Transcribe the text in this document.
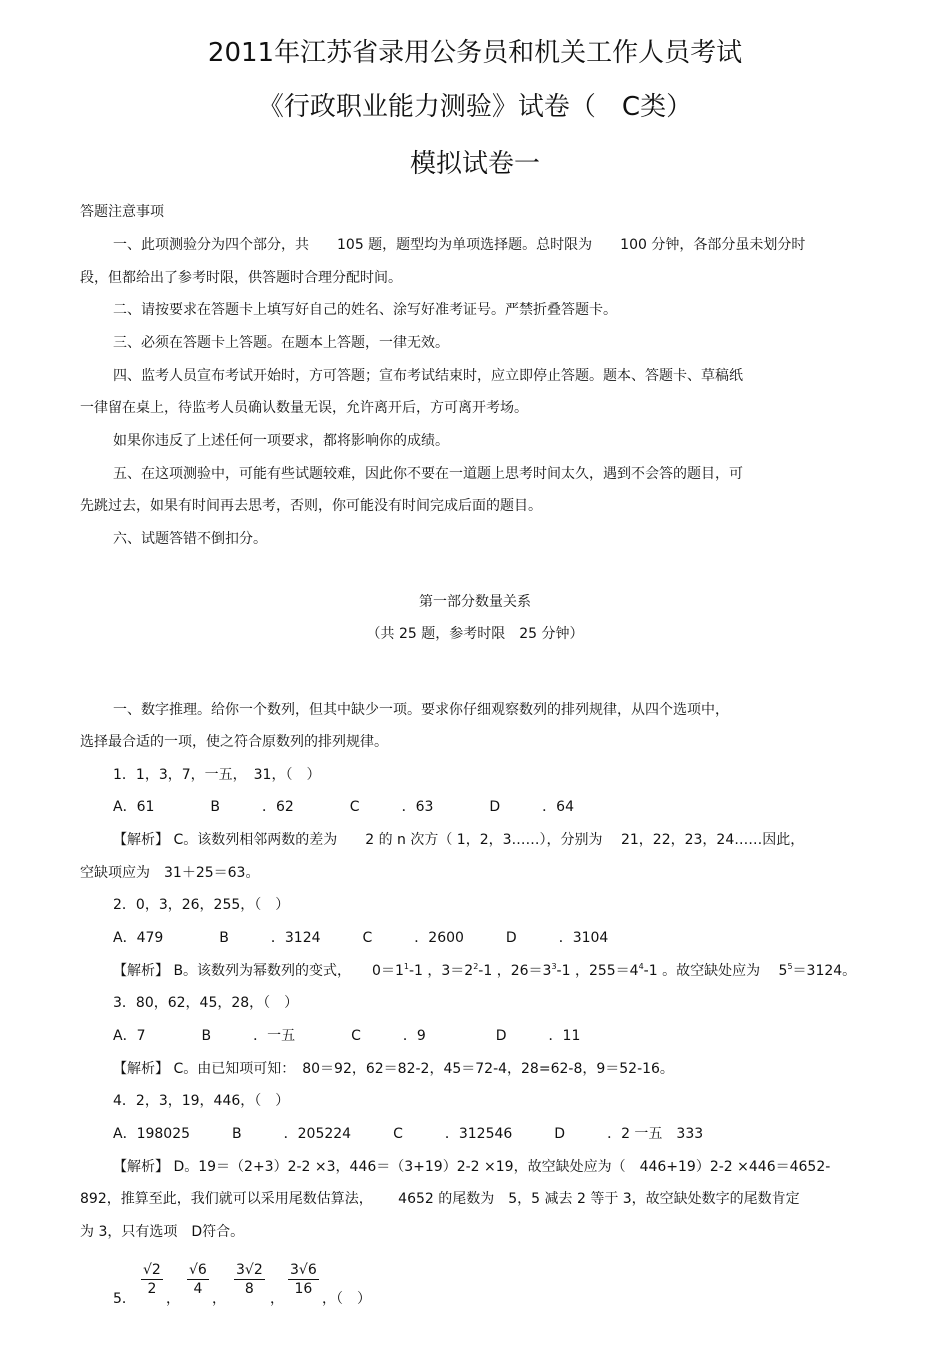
2011年江苏省录用公务员和机关工作人员考试
《行政职业能力测验》试卷（　C类）
模拟试卷一
答题注意事项
一、此项测验分为四个部分，共　　105 题，题型均为单项选择题。总时限为　　100 分钟，各部分虽未划分时
段，但都给出了参考时限，供答题时合理分配时间。
二、请按要求在答题卡上填写好自己的姓名、涂写好准考证号。严禁折叠答题卡。
三、必须在答题卡上答题。在题本上答题，一律无效。
四、监考人员宣布考试开始时，方可答题；宣布考试结束时，应立即停止答题。题本、答题卡、草稿纸
一律留在桌上，待监考人员确认数量无误，允许离开后，方可离开考场。
如果你违反了上述任何一项要求，都将影响你的成绩。
五、在这项测验中，可能有些试题较难，因此你不要在一道题上思考时间太久，遇到不会答的题目，可
先跳过去，如果有时间再去思考，否则，你可能没有时间完成后面的题目。
六、试题答错不倒扣分。
第一部分数量关系
（共 25 题，参考时限　25 分钟）
一、数字推理。给你一个数列，但其中缺少一项。要求你仔细观察数列的排列规律，从四个选项中，
选择最合适的一项，使之符合原数列的排列规律。
1．1，3，7，一五，　31，（　）
A．61　　　　B　　　．62　　　　C　　　．63　　　　D　　　．64
【解析】 C。该数列相邻两数的差为　　2 的 n 次方（ 1，2，3……），分别为　 21，22，23，24……因此，
空缺项应为　31＋25＝63。
2．0，3，26，255，（　）
A．479　　　　B　　　．3124　　　C　　　．2600　　　D　　　．3104
【解析】 B。该数列为幂数列的变式，　　$0=1^1-1$ ，$3=2^2-1$ ，$26=3^3-1$ ，$255=4^4-1$ 。故空缺处应为　 $5^5=3124$。
3．80，62，45，28，（　）
A．7　　　　B　　　．一五　　　　C　　　．9　　　　　D　　　．11
【解析】 C。由已知项可知：　80＝92，62＝82-2，45＝72-4，28=62-8，9＝52-16。
4．2，3，19，446，（　）
A．198025　　　B　　　．205224　　　C　　　．312546　　　D　　　．2 一五　333
【解析】 D。19＝（2+3）2-2 ×3，446＝（3+19）2-2 ×19，故空缺处应为（　446+19）2-2 ×446＝4652-
892，推算至此，我们就可以采用尾数估算法，　　 4652 的尾数为　5，5 减去 2 等于 3，故空缺处数字的尾数肯定
为 3，只有选项　D符合。
5．
$\frac{√2}{2}$
，
$\frac{√6}{4}$
，
$\frac{3√2}{8}$
，
$\frac{3√6}{16}$
，（　）
